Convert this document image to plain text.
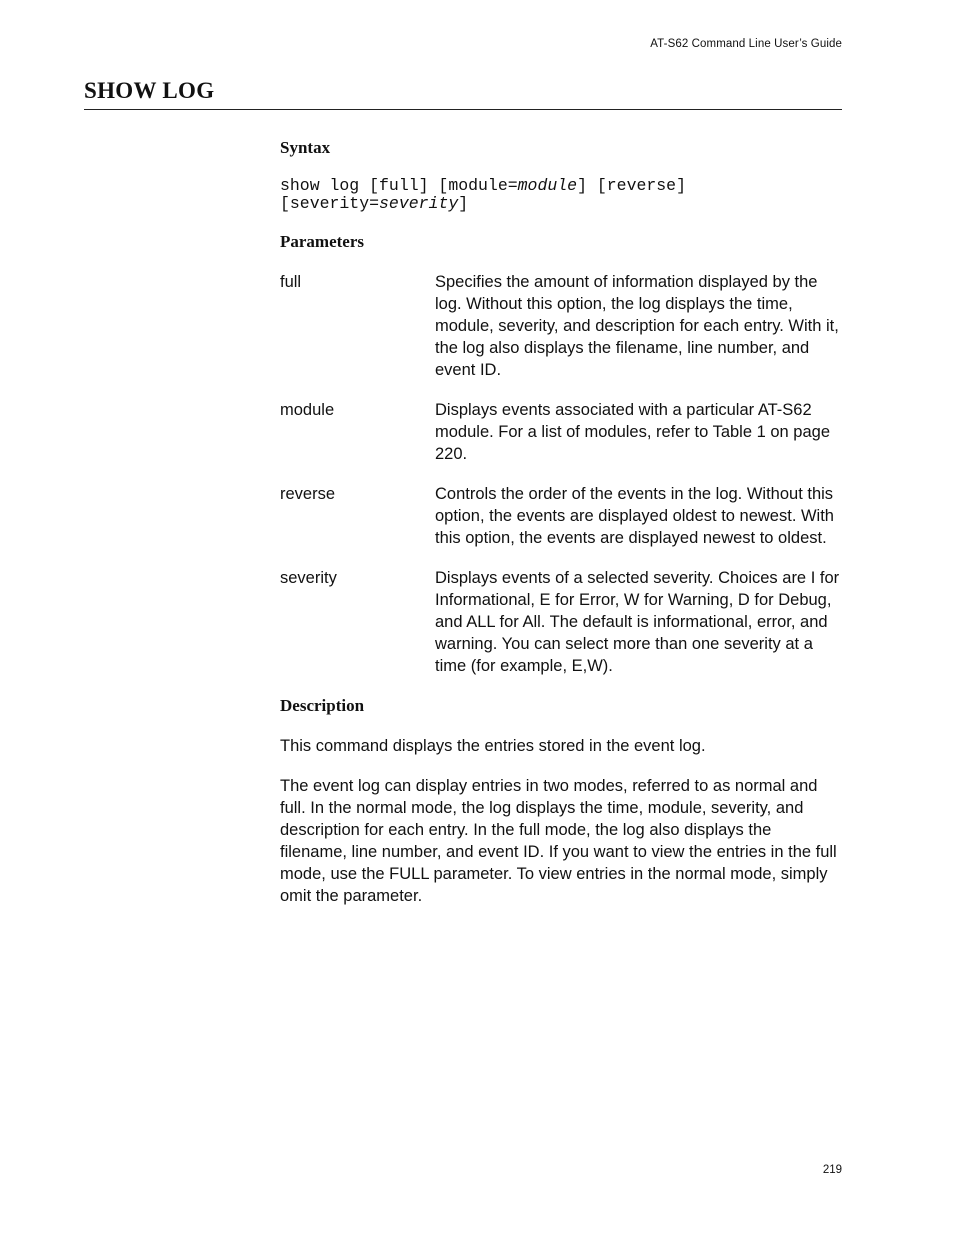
AT-S62 Command Line User’s Guide
SHOW LOG
Syntax
show log [full] [module=module] [reverse]
[severity=severity]
Parameters
full	Specifies the amount of information displayed by the log. Without this option, the log displays the time, module, severity, and description for each entry. With it, the log also displays the filename, line number, and event ID.
module	Displays events associated with a particular AT-S62 module. For a list of modules, refer to Table 1 on page 220.
reverse	Controls the order of the events in the log. Without this option, the events are displayed oldest to newest. With this option, the events are displayed newest to oldest.
severity	Displays events of a selected severity. Choices are I for Informational, E for Error, W for Warning, D for Debug, and ALL for All. The default is informational, error, and warning. You can select more than one severity at a time (for example, E,W).
Description

This command displays the entries stored in the event log.

The event log can display entries in two modes, referred to as normal and full. In the normal mode, the log displays the time, module, severity, and description for each entry. In the full mode, the log also displays the filename, line number, and event ID. If you want to view the entries in the full mode, use the FULL parameter. To view entries in the normal mode, simply omit the parameter.

219
